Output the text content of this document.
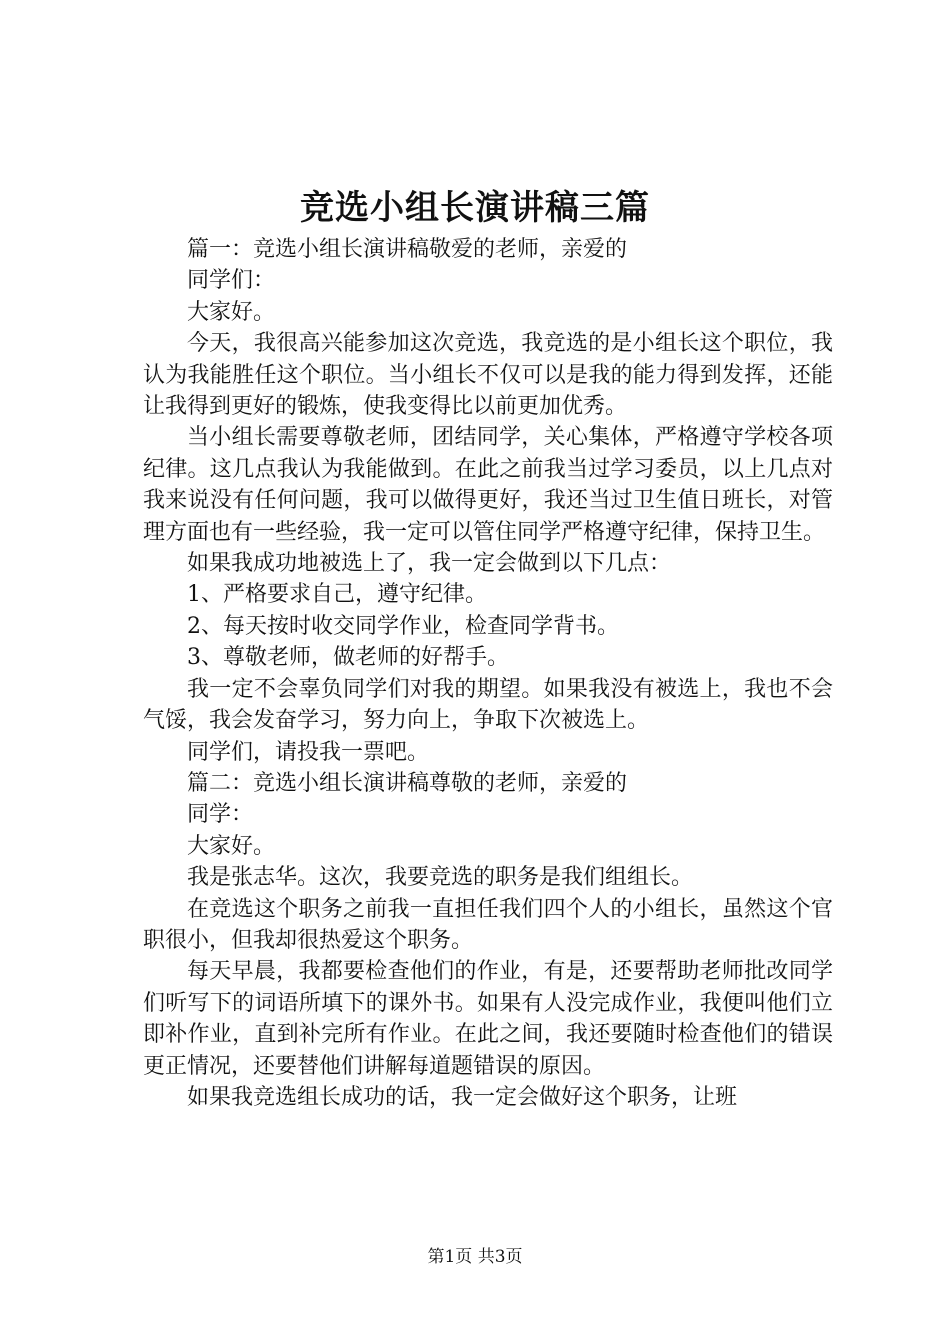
竞选小组长演讲稿三篇

篇一：竞选小组长演讲稿敬爱的老师，亲爱的

同学们：

大家好。

今天，我很高兴能参加这次竞选，我竞选的是小组长这个职位，我认为我能胜任这个职位。当小组长不仅可以是我的能力得到发挥，还能让我得到更好的锻炼，使我变得比以前更加优秀。

当小组长需要尊敬老师，团结同学，关心集体，严格遵守学校各项纪律。这几点我认为我能做到。在此之前我当过学习委员，以上几点对我来说没有任何问题，我可以做得更好，我还当过卫生值日班长，对管理方面也有一些经验，我一定可以管住同学严格遵守纪律，保持卫生。

如果我成功地被选上了，我一定会做到以下几点：

1、严格要求自己，遵守纪律。

2、每天按时收交同学作业，检查同学背书。

3、尊敬老师，做老师的好帮手。

我一定不会辜负同学们对我的期望。如果我没有被选上，我也不会气馁，我会发奋学习，努力向上，争取下次被选上。

同学们，请投我一票吧。

篇二：竞选小组长演讲稿尊敬的老师，亲爱的

同学：

大家好。

我是张志华。这次，我要竞选的职务是我们组组长。

在竞选这个职务之前我一直担任我们四个人的小组长，虽然这个官职很小，但我却很热爱这个职务。

每天早晨，我都要检查他们的作业，有是，还要帮助老师批改同学们听写下的词语所填下的课外书。如果有人没完成作业，我便叫他们立即补作业，直到补完所有作业。在此之间，我还要随时检查他们的错误更正情况，还要替他们讲解每道题错误的原因。

如果我竞选组长成功的话，我一定会做好这个职务，让班

第1页 共3页
